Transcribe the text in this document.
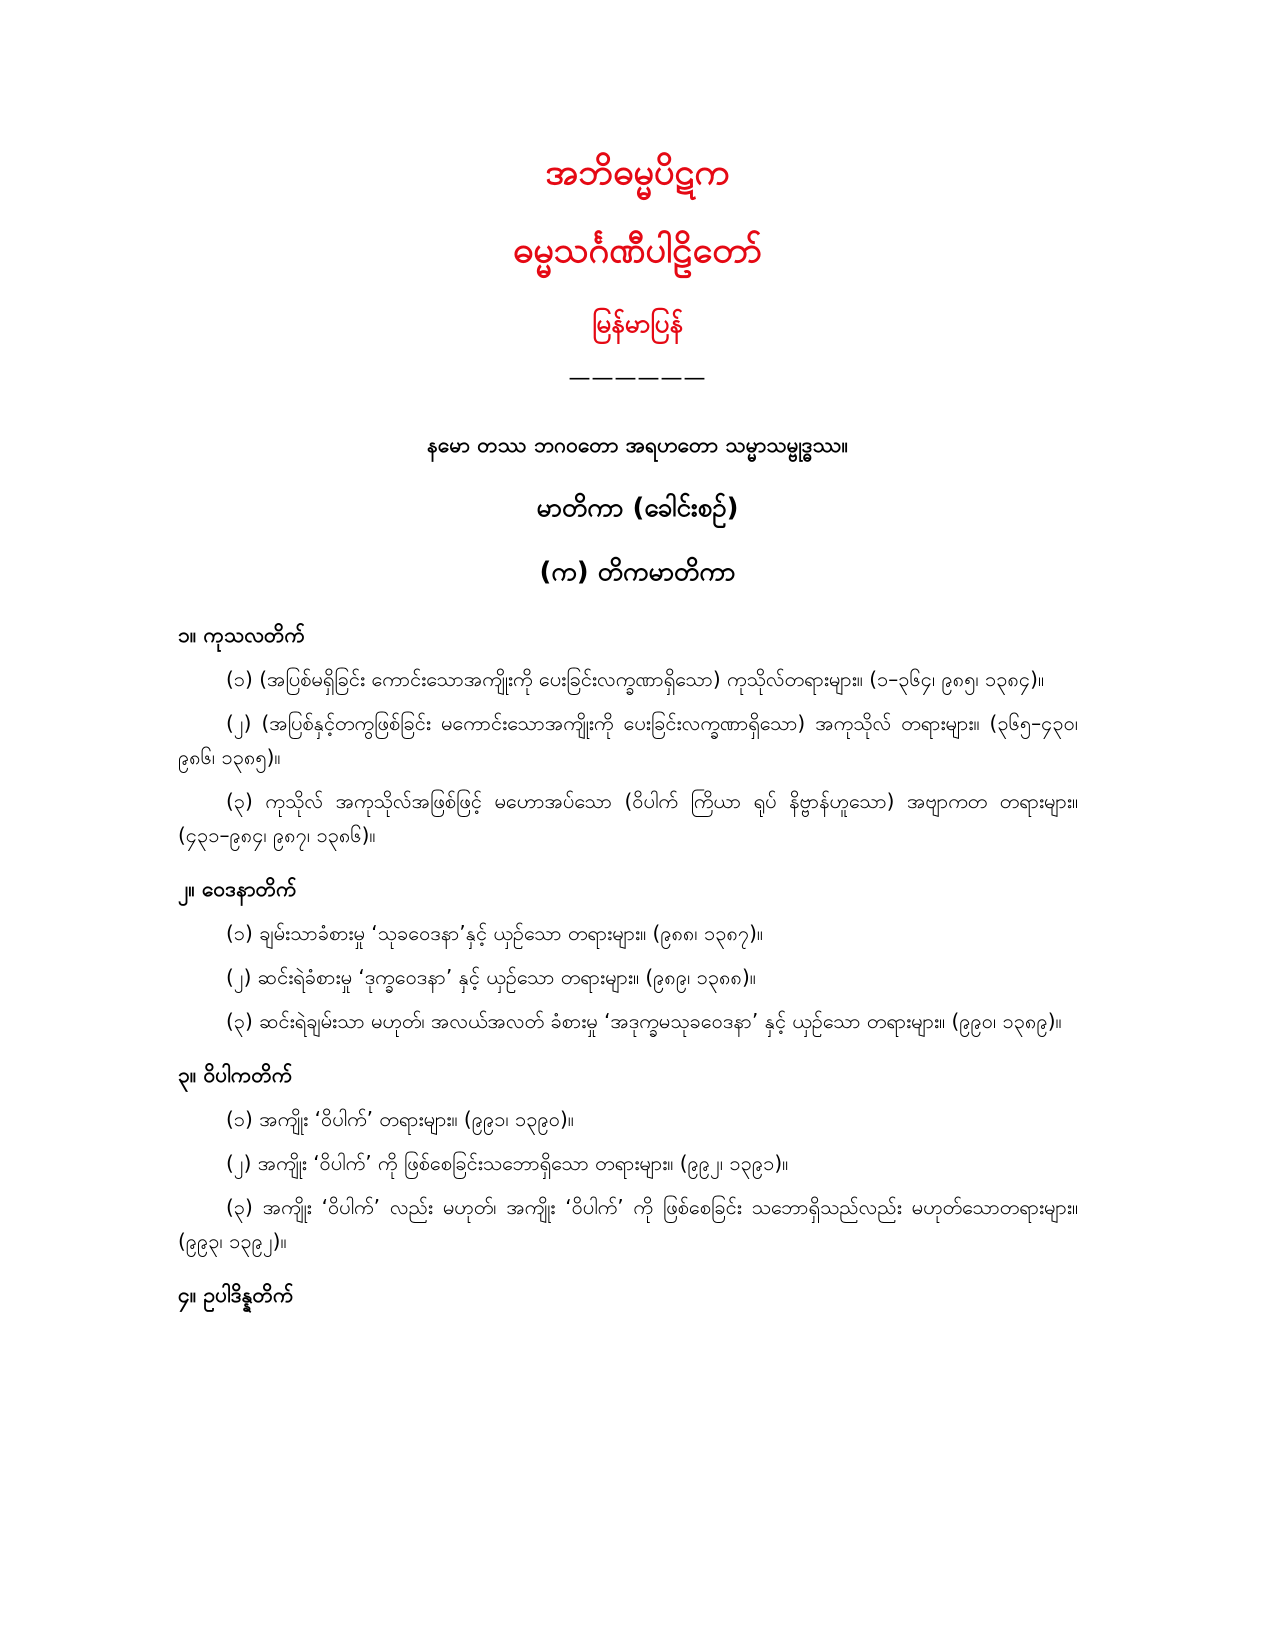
အဘိဓမ္မပိဋက
ဓမ္မသင်္ဂဏီပါဠိတော်
မြန်မာပြန်
——————
နမော တဿ ဘဂဝတော အရဟတော သမ္မာသမ္ဗုဒ္ဓဿ။
မာတိကာ (ခေါင်းစဉ်)
(က) တိကမာတိကာ
၁။ ကုသလတိက်

(၁) (အပြစ်မရှိခြင်း ကောင်းသောအကျိုးကို ပေးခြင်းလက္ခဏာရှိသော) ကုသိုလ်တရားများ။ (၁–၃၆၄၊ ၉၈၅၊ ၁၃၈၄)။

(၂) (အပြစ်နှင့်တကွဖြစ်ခြင်း မကောင်းသောအကျိုးကို ပေးခြင်းလက္ခဏာရှိသော) အကုသိုလ် တရားများ။ (၃၆၅–၄၃၀၊ ၉၈၆၊ ၁၃၈၅)။

(၃) ကုသိုလ် အကုသိုလ်အဖြစ်ဖြင့် မဟောအပ်သော (ဝိပါက် ကြိယာ ရုပ် နိဗ္ဗာန်ဟူသော) အဗျာကတ တရားများ။ (၄၃၁–၉၈၄၊ ၉၈၇၊ ၁၃၈၆)။

၂။ ဝေဒနာတိက်

(၁) ချမ်းသာခံစားမှု ‘သုခဝေဒနာ’နှင့် ယှဉ်သော တရားများ။ (၉၈၈၊ ၁၃၈၇)။

(၂) ဆင်းရဲခံစားမှု ‘ဒုက္ခဝေဒနာ’ နှင့် ယှဉ်သော တရားများ။ (၉၈၉၊ ၁၃၈၈)။

(၃) ဆင်းရဲချမ်းသာ မဟုတ်၊ အလယ်အလတ် ခံစားမှု ‘အဒုက္ခမသုခဝေဒနာ’ နှင့် ယှဉ်သော တရားများ။ (၉၉၀၊ ၁၃၈၉)။

၃။ ဝိပါကတိက်

(၁) အကျိုး ‘ဝိပါက်’ တရားများ။ (၉၉၁၊ ၁၃၉၀)။

(၂) အကျိုး ‘ဝိပါက်’ ကို ဖြစ်စေခြင်းသဘောရှိသော တရားများ။ (၉၉၂၊ ၁၃၉၁)။

(၃) အကျိုး ‘ဝိပါက်’ လည်း မဟုတ်၊ အကျိုး ‘ဝိပါက်’ ကို ဖြစ်စေခြင်း သဘောရှိသည်လည်း မဟုတ်သောတရားများ။ (၉၉၃၊ ၁၃၉၂)။

၄။ ဥပါဒိန္နတိက်
